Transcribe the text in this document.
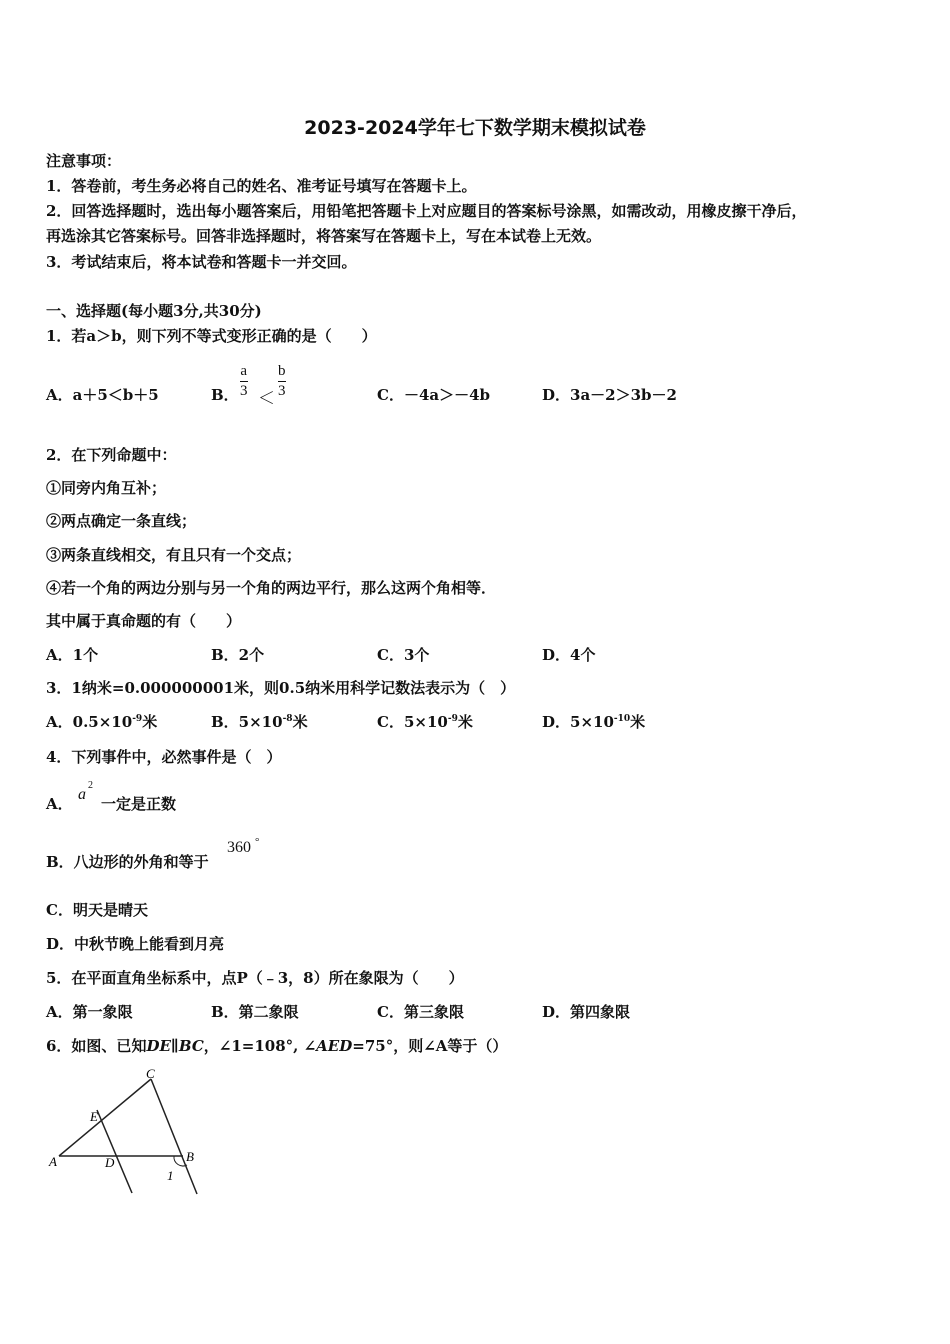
2023-2024学年七下数学期末模拟试卷
注意事项：
1．答卷前，考生务必将自己的姓名、准考证号填写在答题卡上。
2．回答选择题时，选出每小题答案后，用铅笔把答题卡上对应题目的答案标号涂黑，如需改动，用橡皮擦干净后，
再选涂其它答案标号。回答非选择题时，将答案写在答题卡上，写在本试卷上无效。
3．考试结束后，将本试卷和答题卡一并交回。
一、选择题(每小题3分,共30分)
1．若a＞b，则下列不等式变形正确的是（　　）
A．a＋5＜b＋5	B． $\frac{a}{3} < \frac{b}{3}$	C．－4a＞－4b	D．3a－2＞3b－2
2．在下列命题中：
①同旁内角互补；
②两点确定一条直线；
③两条直线相交，有且只有一个交点；
④若一个角的两边分别与另一个角的两边平行，那么这两个角相等．
其中属于真命题的有（　　）
A．1个	B．2个	C．3个	D．4个
3．1纳米=0.000000001米，则0.5纳米用科学记数法表示为（　）
A．$0.5\times 10^{-9}$米	B．$5\times 10^{-8}$米	C．$5\times 10^{-9}$米	D．$5\times 10^{-10}$米
4．下列事件中，必然事件是（　）
A．
a
2
一定是正数
B．八边形的外角和等于
360 °
C．明天是晴天
D．中秋节晚上能看到月亮
5．在平面直角坐标系中，点P（﹣3，8）所在象限为（　　）
A．第一象限	B．第二象限	C．第三象限	D．第四象限
6．如图、已知DE∥BC，∠1=108°, ∠AED=75°，则∠A等于（）
C
E
A	D	B
1
